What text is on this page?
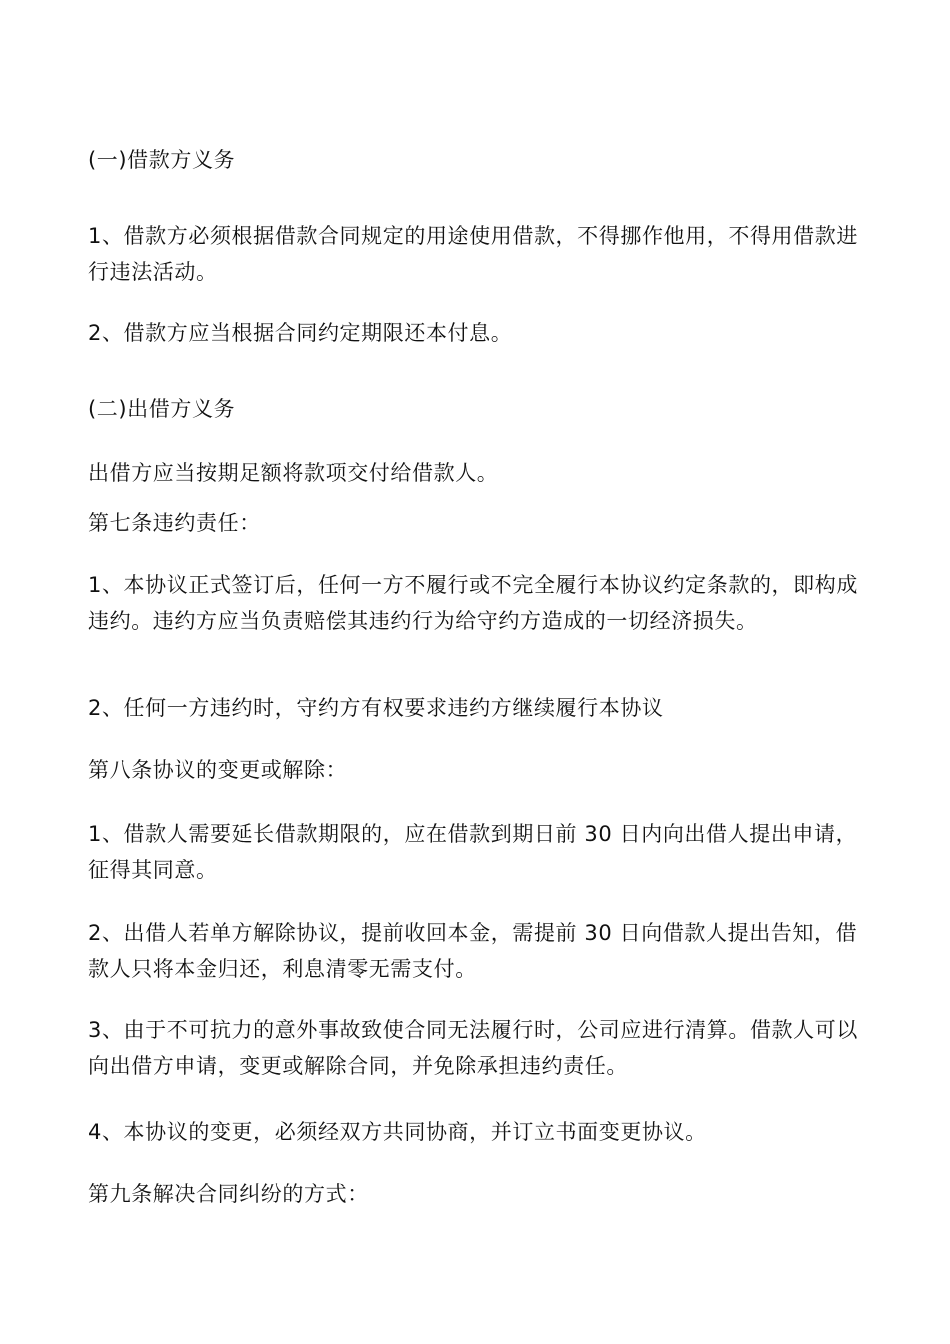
(一)借款方义务

1、借款方必须根据借款合同规定的用途使用借款，不得挪作他用，不得用借款进行违法活动。

2、借款方应当根据合同约定期限还本付息。

(二)出借方义务

出借方应当按期足额将款项交付给借款人。

第七条违约责任：

1、本协议正式签订后，任何一方不履行或不完全履行本协议约定条款的，即构成违约。违约方应当负责赔偿其违约行为给守约方造成的一切经济损失。

2、任何一方违约时，守约方有权要求违约方继续履行本协议

第八条协议的变更或解除：

1、借款人需要延长借款期限的，应在借款到期日前 30 日内向出借人提出申请，征得其同意。

2、出借人若单方解除协议，提前收回本金，需提前 30 日向借款人提出告知，借款人只将本金归还，利息清零无需支付。

3、由于不可抗力的意外事故致使合同无法履行时，公司应进行清算。借款人可以向出借方申请，变更或解除合同，并免除承担违约责任。

4、本协议的变更，必须经双方共同协商，并订立书面变更协议。

第九条解决合同纠纷的方式：
